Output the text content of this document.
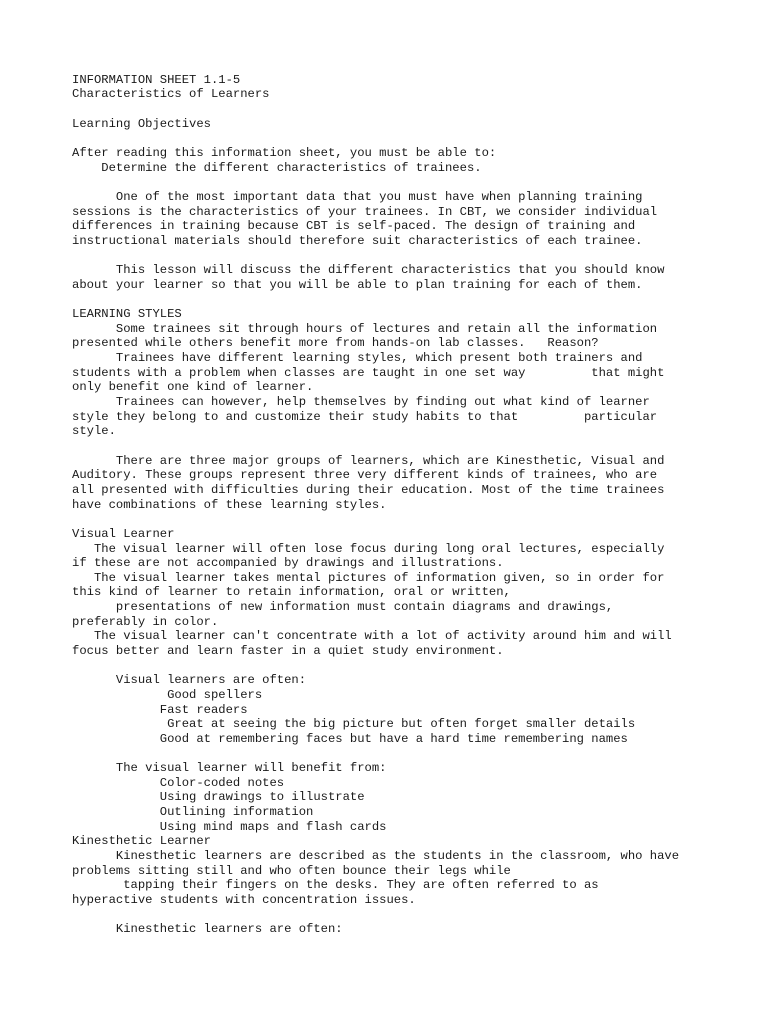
INFORMATION SHEET 1.1-5
Characteristics of Learners
Learning Objectives
After reading this information sheet, you must be able to:
Determine the different characteristics of trainees.
One of the most important data that you must have when planning training
sessions is the characteristics of your trainees. In CBT, we consider individual
differences in training because CBT is self-paced. The design of training and
instructional materials should therefore suit characteristics of each trainee.
This lesson will discuss the different characteristics that you should know
about your learner so that you will be able to plan training for each of them.
LEARNING STYLES
Some trainees sit through hours of lectures and retain all the information
presented while others benefit more from hands-on lab classes.   Reason?
Trainees have different learning styles, which present both trainers and
students with a problem when classes are taught in one set way         that might
only benefit one kind of learner.
Trainees can however, help themselves by finding out what kind of learner
style they belong to and customize their study habits to that         particular
style.
There are three major groups of learners, which are Kinesthetic, Visual and
Auditory. These groups represent three very different kinds of trainees, who are
all presented with difficulties during their education. Most of the time trainees
have combinations of these learning styles.
Visual Learner
The visual learner will often lose focus during long oral lectures, especially
if these are not accompanied by drawings and illustrations.
The visual learner takes mental pictures of information given, so in order for
this kind of learner to retain information, oral or written,
presentations of new information must contain diagrams and drawings,
preferably in color.
The visual learner can't concentrate with a lot of activity around him and will
focus better and learn faster in a quiet study environment.
Visual learners are often:
Good spellers
Fast readers
Great at seeing the big picture but often forget smaller details
Good at remembering faces but have a hard time remembering names
The visual learner will benefit from:
Color-coded notes
Using drawings to illustrate
Outlining information
Using mind maps and flash cards
Kinesthetic Learner
Kinesthetic learners are described as the students in the classroom, who have
problems sitting still and who often bounce their legs while
tapping their fingers on the desks. They are often referred to as
hyperactive students with concentration issues.
Kinesthetic learners are often:
